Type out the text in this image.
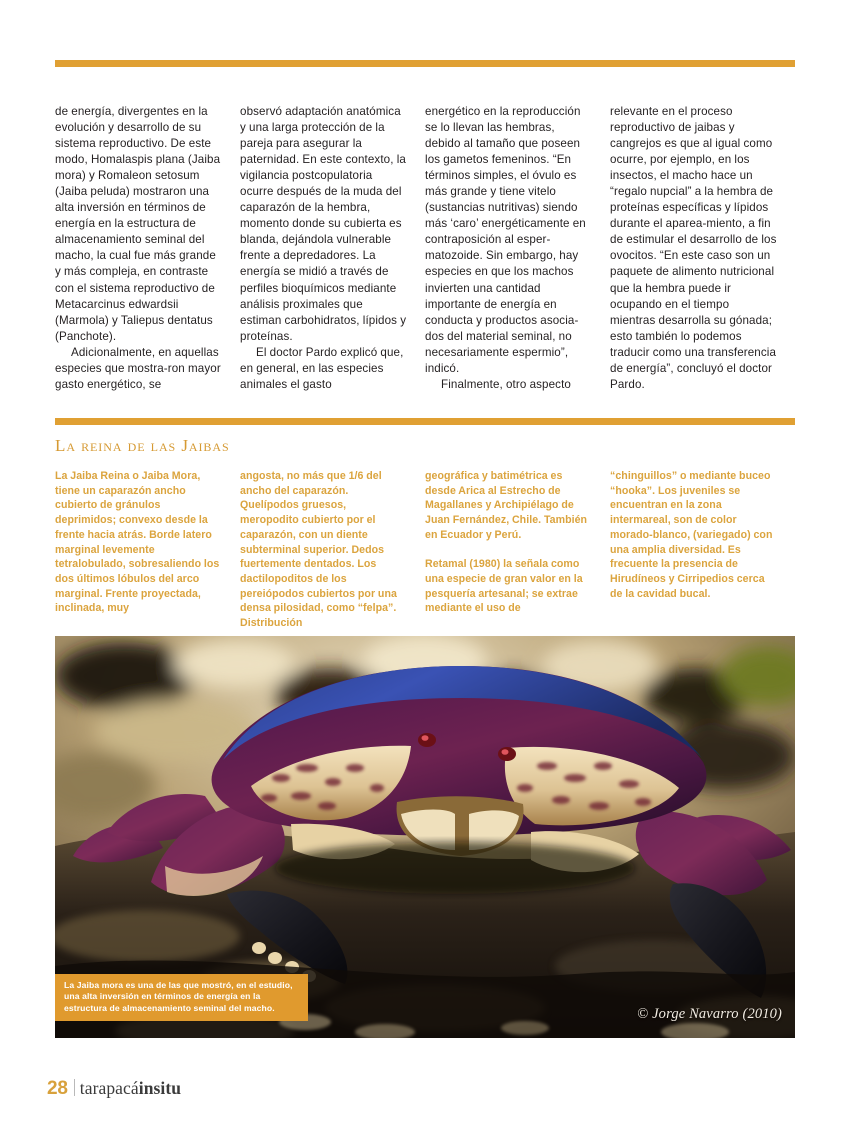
de energía, divergentes en la evolución y desarrollo de su sistema reproductivo. De este modo, Homalaspis plana (Jaiba mora) y Romaleon setosum (Jaiba peluda) mostraron una alta inversión en términos de energía en la estructura de almacenamiento seminal del macho, la cual fue más grande y más compleja, en contraste con el sistema reproductivo de Metacarcinus edwardsii (Marmola) y Taliepus dentatus (Panchote).

Adicionalmente, en aquellas especies que mostra-ron mayor gasto energético, se

observó adaptación anatómica y una larga protección de la pareja para asegurar la paternidad. En este contexto, la vigilancia postcopulatoria ocurre después de la muda del caparazón de la hembra, momento donde su cubierta es blanda, dejándola vulnerable frente a depredadores. La energía se midió a través de perfiles bioquímicos mediante análisis proximales que estiman carbohidratos, lípidos y proteínas.

El doctor Pardo explicó que, en general, en las especies animales el gasto

energético en la reproducción se lo llevan las hembras, debido al tamaño que poseen los gametos femeninos. “En términos simples, el óvulo es más grande y tiene vitelo (sustancias nutritivas) siendo más ‘caro’ energéticamente en contraposición al esper-matozoide. Sin embargo, hay especies en que los machos invierten una cantidad importante de energía en conducta y productos asocia-dos del material seminal, no necesariamente espermio”, indicó.

Finalmente, otro aspecto

relevante en el proceso reproductivo de jaibas y cangrejos es que al igual como ocurre, por ejemplo, en los insectos, el macho hace un “regalo nupcial” a la hembra de proteínas específicas y lípidos durante el aparea-miento, a fin de estimular el desarrollo de los ovocitos. “En este caso son un paquete de alimento nutricional que la hembra puede ir ocupando en el tiempo mientras desarrolla su gónada; esto también lo podemos traducir como una transferencia de energía”, concluyó el doctor Pardo.

La reina de las Jaibas

La Jaiba Reina o Jaiba Mora, tiene un caparazón ancho cubierto de gránulos deprimidos; convexo desde la frente hacia atrás. Borde latero marginal levemente tetralobulado, sobresaliendo los dos últimos lóbulos del arco marginal. Frente proyectada, inclinada, muy

angosta, no más que 1/6 del ancho del caparazón. Quelípodos gruesos, meropodito cubierto por el caparazón, con un diente subterminal superior. Dedos fuertemente dentados. Los dactilopoditos de los pereiópodos cubiertos por una densa pilosidad, como “felpa”. Distribución

geográfica y batimétrica es desde Arica al Estrecho de Magallanes y Archipiélago de Juan Fernández, Chile. También en Ecuador y Perú.

Retamal (1980) la señala como una especie de gran valor en la pesquería artesanal; se extrae mediante el uso de

“chinguillos” o mediante buceo “hooka”. Los juveniles se encuentran en la zona intermareal, son de color morado-blanco, (variegado) con una amplia diversidad. Es frecuente la presencia de Hirudíneos y Cirripedios cerca de la cavidad bucal.

La Jaiba mora es una de las que mostró, en el estudio, una alta inversión en términos de energía en la estructura de almacenamiento seminal del macho.	© Jorge Navarro (2010)
28 tarapacáinsitu
